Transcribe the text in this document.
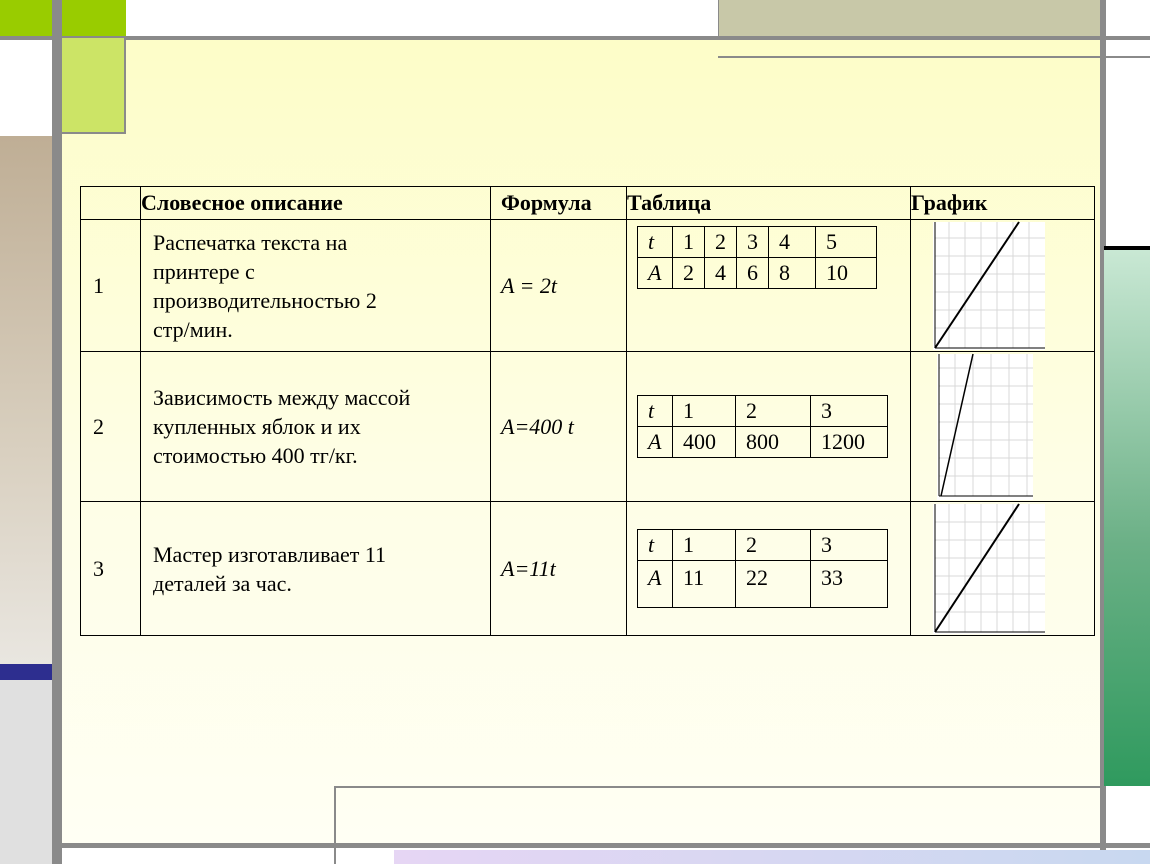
	Словесное описание	Формула	Таблица	График
1	Распечатка текста на
принтере с
производительностью 2
стр/мин.	A = 2t	
t	1	2	3	4	5
A	2	4	6	8	10

2	Зависимость между массой
купленных яблок и их
стоимостью 400 тг/кг.	A=400 t	
t	1	2	3
A	400	800	1200

3	Мастер изготавливает 11
деталей за час.	A=11t	
t	1	2	3
A	11	22	33
